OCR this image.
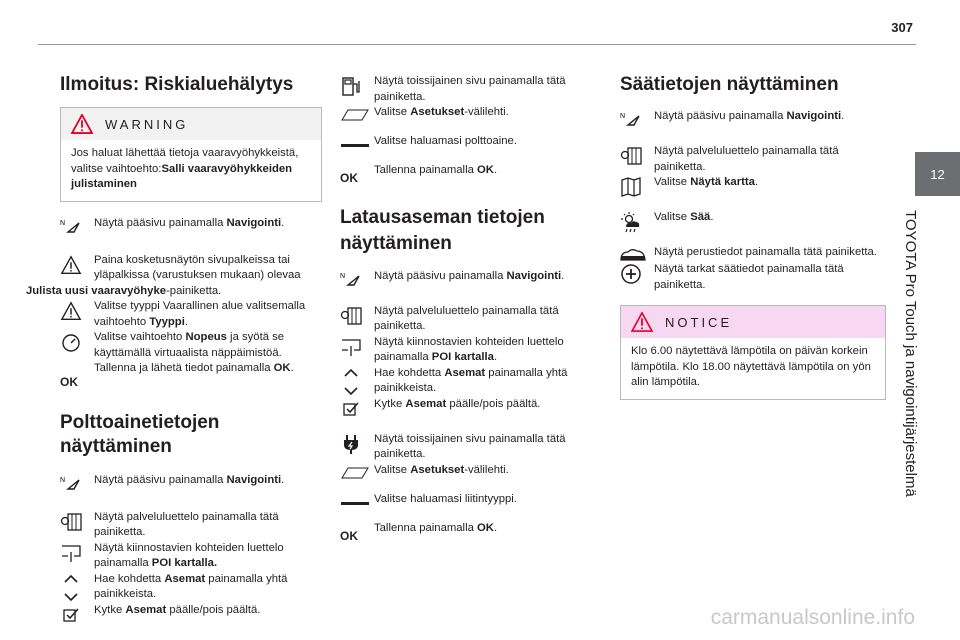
307
12
TOYOTA Pro Touch ja navigointijärjestelmä
carmanualsonline.info
Ilmoitus: Riskialuehälytys
WARNING
Jos haluat lähettää tietoja vaaravyöhykkeistä, valitse vaihtoehto:Salli vaaravyöhykkeiden julistaminen
N	Näytä pääsivu painamalla Navigointi.
Paina kosketusnäytön sivupalkeissa tai yläpalkissa (varustuksen mukaan) olevaa
Julista uusi vaaravyöhyke-painiketta.
Valitse tyyppi Vaarallinen alue valitsemalla vaihtoehto Tyyppi.
Valitse vaihtoehto Nopeus ja syötä se käyttämällä virtuaalista näppäimistöä.
OK
Tallenna ja lähetä tiedot painamalla OK.
Polttoainetietojen näyttäminen
N	Näytä pääsivu painamalla Navigointi.
Näytä palveluluettelo painamalla tätä painiketta.
Näytä kiinnostavien kohteiden luettelo painamalla POI kartalla.
Hae kohdetta Asemat painamalla yhtä painikkeista.
Kytke Asemat päälle/pois päältä.
Näytä toissijainen sivu painamalla tätä painiketta.
Valitse Asetukset-välilehti.
Valitse haluamasi polttoaine.
OK
Tallenna painamalla OK.
Latausaseman tietojen näyttäminen
N	Näytä pääsivu painamalla Navigointi.
Näytä palveluluettelo painamalla tätä painiketta.
Näytä kiinnostavien kohteiden luettelo painamalla POI kartalla.
Hae kohdetta Asemat painamalla yhtä painikkeista.
Kytke Asemat päälle/pois päältä.
Näytä toissijainen sivu painamalla tätä painiketta.
Valitse Asetukset-välilehti.
Valitse haluamasi liitintyyppi.
OK
Tallenna painamalla OK.
Säätietojen näyttäminen
N	Näytä pääsivu painamalla Navigointi.
Näytä palveluluettelo painamalla tätä painiketta.
Valitse Näytä kartta.
Valitse Sää.
Näytä perustiedot painamalla tätä painiketta.
Näytä tarkat säätiedot painamalla tätä painiketta.
NOTICE
Klo 6.00 näytettävä lämpötila on päivän korkein lämpötila. Klo 18.00 näytettävä lämpötila on yön alin lämpötila.
